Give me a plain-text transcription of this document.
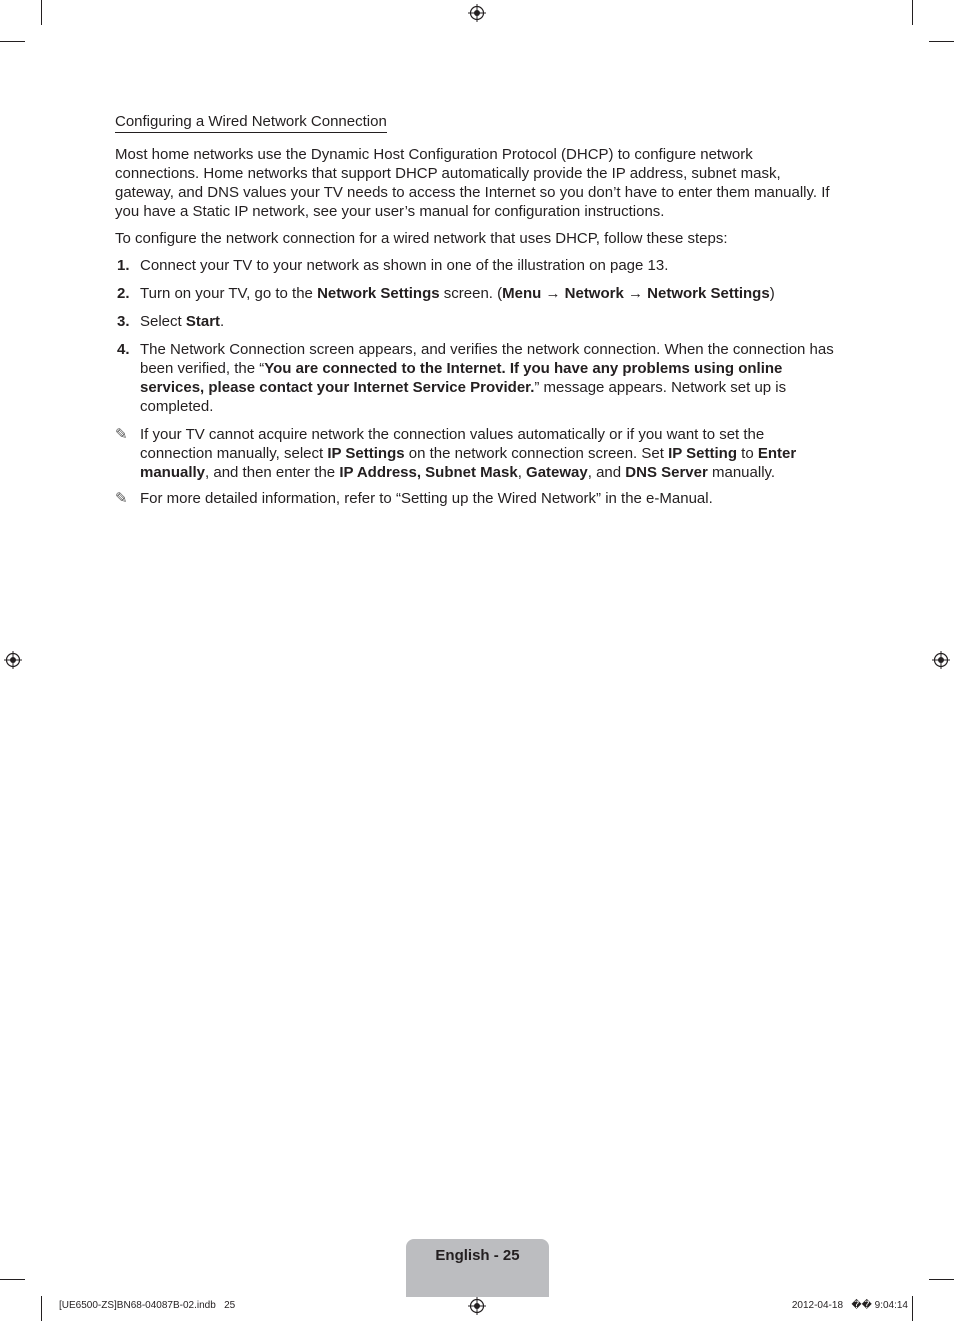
Configuring a Wired Network Connection

Most home networks use the Dynamic Host Configuration Protocol (DHCP) to configure network connections. Home networks that support DHCP automatically provide the IP address, subnet mask, gateway, and DNS values your TV needs to access the Internet so you don’t have to enter them manually. If you have a Static IP network, see your user’s manual for configuration instructions.

To configure the network connection for a wired network that uses DHCP, follow these steps:

1. Connect your TV to your network as shown in one of the illustration on page 13.
2. Turn on your TV, go to the Network Settings screen. (Menu → Network → Network Settings)
3. Select Start.
4. The Network Connection screen appears, and verifies the network connection. When the connection has been verified, the “You are connected to the Internet. If you have any problems using online services, please contact your Internet Service Provider.” message appears. Network set up is completed.
✎ If your TV cannot acquire network the connection values automatically or if you want to set the connection manually, select IP Settings on the network connection screen. Set IP Setting to Enter manually, and then enter the IP Address, Subnet Mask, Gateway, and DNS Server manually.
✎ For more detailed information, refer to “Setting up the Wired Network” in the e-Manual.
English - 25
[UE6500-ZS]BN68-04087B-02.indb   25	2012-04-18   �� 9:04:14
